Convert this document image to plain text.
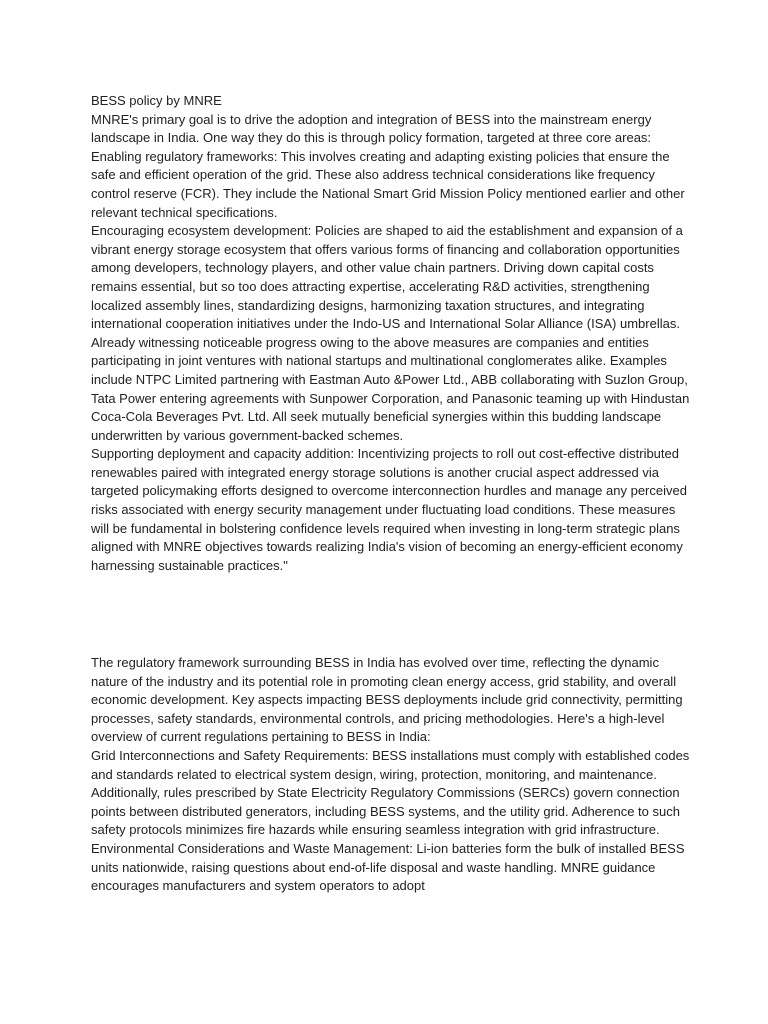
BESS policy by MNRE

MNRE's primary goal is to drive the adoption and integration of BESS into the mainstream energy landscape in India. One way they do this is through policy formation, targeted at three core areas:

Enabling regulatory frameworks: This involves creating and adapting existing policies that ensure the safe and efficient operation of the grid. These also address technical considerations like frequency control reserve (FCR). They include the National Smart Grid Mission Policy mentioned earlier and other relevant technical specifications.

Encouraging ecosystem development: Policies are shaped to aid the establishment and expansion of a vibrant energy storage ecosystem that offers various forms of financing and collaboration opportunities among developers, technology players, and other value chain partners. Driving down capital costs remains essential, but so too does attracting expertise, accelerating R&D activities, strengthening localized assembly lines, standardizing designs, harmonizing taxation structures, and integrating international cooperation initiatives under the Indo-US and International Solar Alliance (ISA) umbrellas. Already witnessing noticeable progress owing to the above measures are companies and entities participating in joint ventures with national startups and multinational conglomerates alike. Examples include NTPC Limited partnering with Eastman Auto &Power Ltd., ABB collaborating with Suzlon Group, Tata Power entering agreements with Sunpower Corporation, and Panasonic teaming up with Hindustan Coca-Cola Beverages Pvt. Ltd. All seek mutually beneficial synergies within this budding landscape underwritten by various government-backed schemes.

Supporting deployment and capacity addition: Incentivizing projects to roll out cost-effective distributed renewables paired with integrated energy storage solutions is another crucial aspect addressed via targeted policymaking efforts designed to overcome interconnection hurdles and manage any perceived risks associated with energy security management under fluctuating load conditions. These measures will be fundamental in bolstering confidence levels required when investing in long-term strategic plans aligned with MNRE objectives towards realizing India's vision of becoming an energy-efficient economy harnessing sustainable practices."

The regulatory framework surrounding BESS in India has evolved over time, reflecting the dynamic nature of the industry and its potential role in promoting clean energy access, grid stability, and overall economic development. Key aspects impacting BESS deployments include grid connectivity, permitting processes, safety standards, environmental controls, and pricing methodologies. Here's a high-level overview of current regulations pertaining to BESS in India:

Grid Interconnections and Safety Requirements: BESS installations must comply with established codes and standards related to electrical system design, wiring, protection, monitoring, and maintenance. Additionally, rules prescribed by State Electricity Regulatory Commissions (SERCs) govern connection points between distributed generators, including BESS systems, and the utility grid. Adherence to such safety protocols minimizes fire hazards while ensuring seamless integration with grid infrastructure.

Environmental Considerations and Waste Management: Li-ion batteries form the bulk of installed BESS units nationwide, raising questions about end-of-life disposal and waste handling. MNRE guidance encourages manufacturers and system operators to adopt
